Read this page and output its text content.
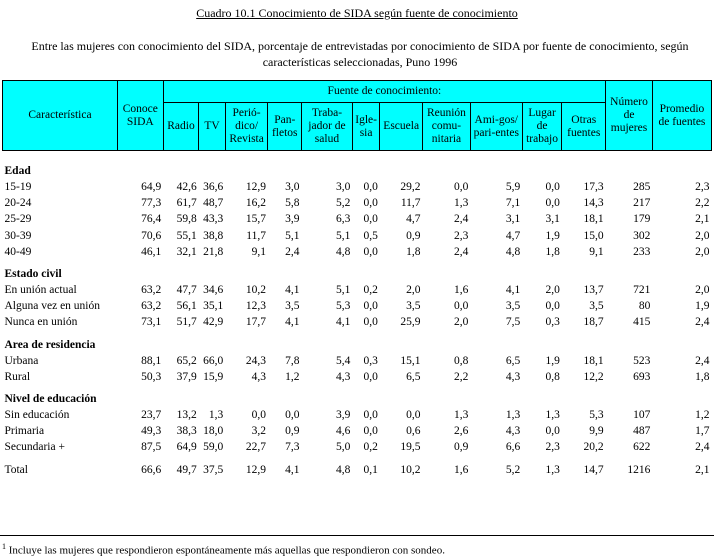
Cuadro 10.1 Conocimiento de SIDA según fuente de conocimiento
Entre las mujeres con conocimiento del SIDA, porcentaje de entrevistadas por conocimiento de SIDA por fuente de conocimiento, según características seleccionadas, Puno 1996
Característica	Conoce SIDA	Fuente de conocimiento:											Número de mujeres	Promedio de fuentes
		Radio	TV	Perió-dico/ Revista	Pan-fletos	Traba-jador de salud	Igle-sia	Escuela	Reunión comu-nitaria	Ami-gos/ pari-entes	Lugar de trabajo	Otras fuentes		

Edad														
15-19	64,9	42,6	36,6	12,9	3,0	3,0	0,0	29,2	0,0	5,9	0,0	17,3	285	2,3
20-24	77,3	61,7	48,7	16,2	5,8	5,2	0,0	11,7	1,3	7,1	0,0	14,3	217	2,2
25-29	76,4	59,8	43,3	15,7	3,9	6,3	0,0	4,7	2,4	3,1	3,1	18,1	179	2,1
30-39	70,6	55,1	38,8	11,7	5,1	5,1	0,5	0,9	2,3	4,7	1,9	15,0	302	2,0
40-49	46,1	32,1	21,8	9,1	2,4	4,8	0,0	1,8	2,4	4,8	1,8	9,1	233	2,0

Estado civil														
En unión actual	63,2	47,7	34,6	10,2	4,1	5,1	0,2	2,0	1,6	4,1	2,0	13,7	721	2,0
Alguna vez en unión	63,2	56,1	35,1	12,3	3,5	5,3	0,0	3,5	0,0	3,5	0,0	3,5	80	1,9
Nunca en unión	73,1	51,7	42,9	17,7	4,1	4,1	0,0	25,9	2,0	7,5	0,3	18,7	415	2,4

Area de residencia														
Urbana	88,1	65,2	66,0	24,3	7,8	5,4	0,3	15,1	0,8	6,5	1,9	18,1	523	2,4
Rural	50,3	37,9	15,9	4,3	1,2	4,3	0,0	6,5	2,2	4,3	0,8	12,2	693	1,8

Nivel de educación														
Sin educación	23,7	13,2	1,3	0,0	0,0	3,9	0,0	0,0	1,3	1,3	1,3	5,3	107	1,2
Primaria	49,3	38,3	18,0	3,2	0,9	4,6	0,0	0,6	2,6	4,3	0,0	9,9	487	1,7
Secundaria +	87,5	64,9	59,0	22,7	7,3	5,0	0,2	19,5	0,9	6,6	2,3	20,2	622	2,4

Total	66,6	49,7	37,5	12,9	4,1	4,8	0,1	10,2	1,6	5,2	1,3	14,7	1216	2,1
$^1$ Incluye las mujeres que respondieron espontáneamente más aquellas que respondieron con sondeo.
